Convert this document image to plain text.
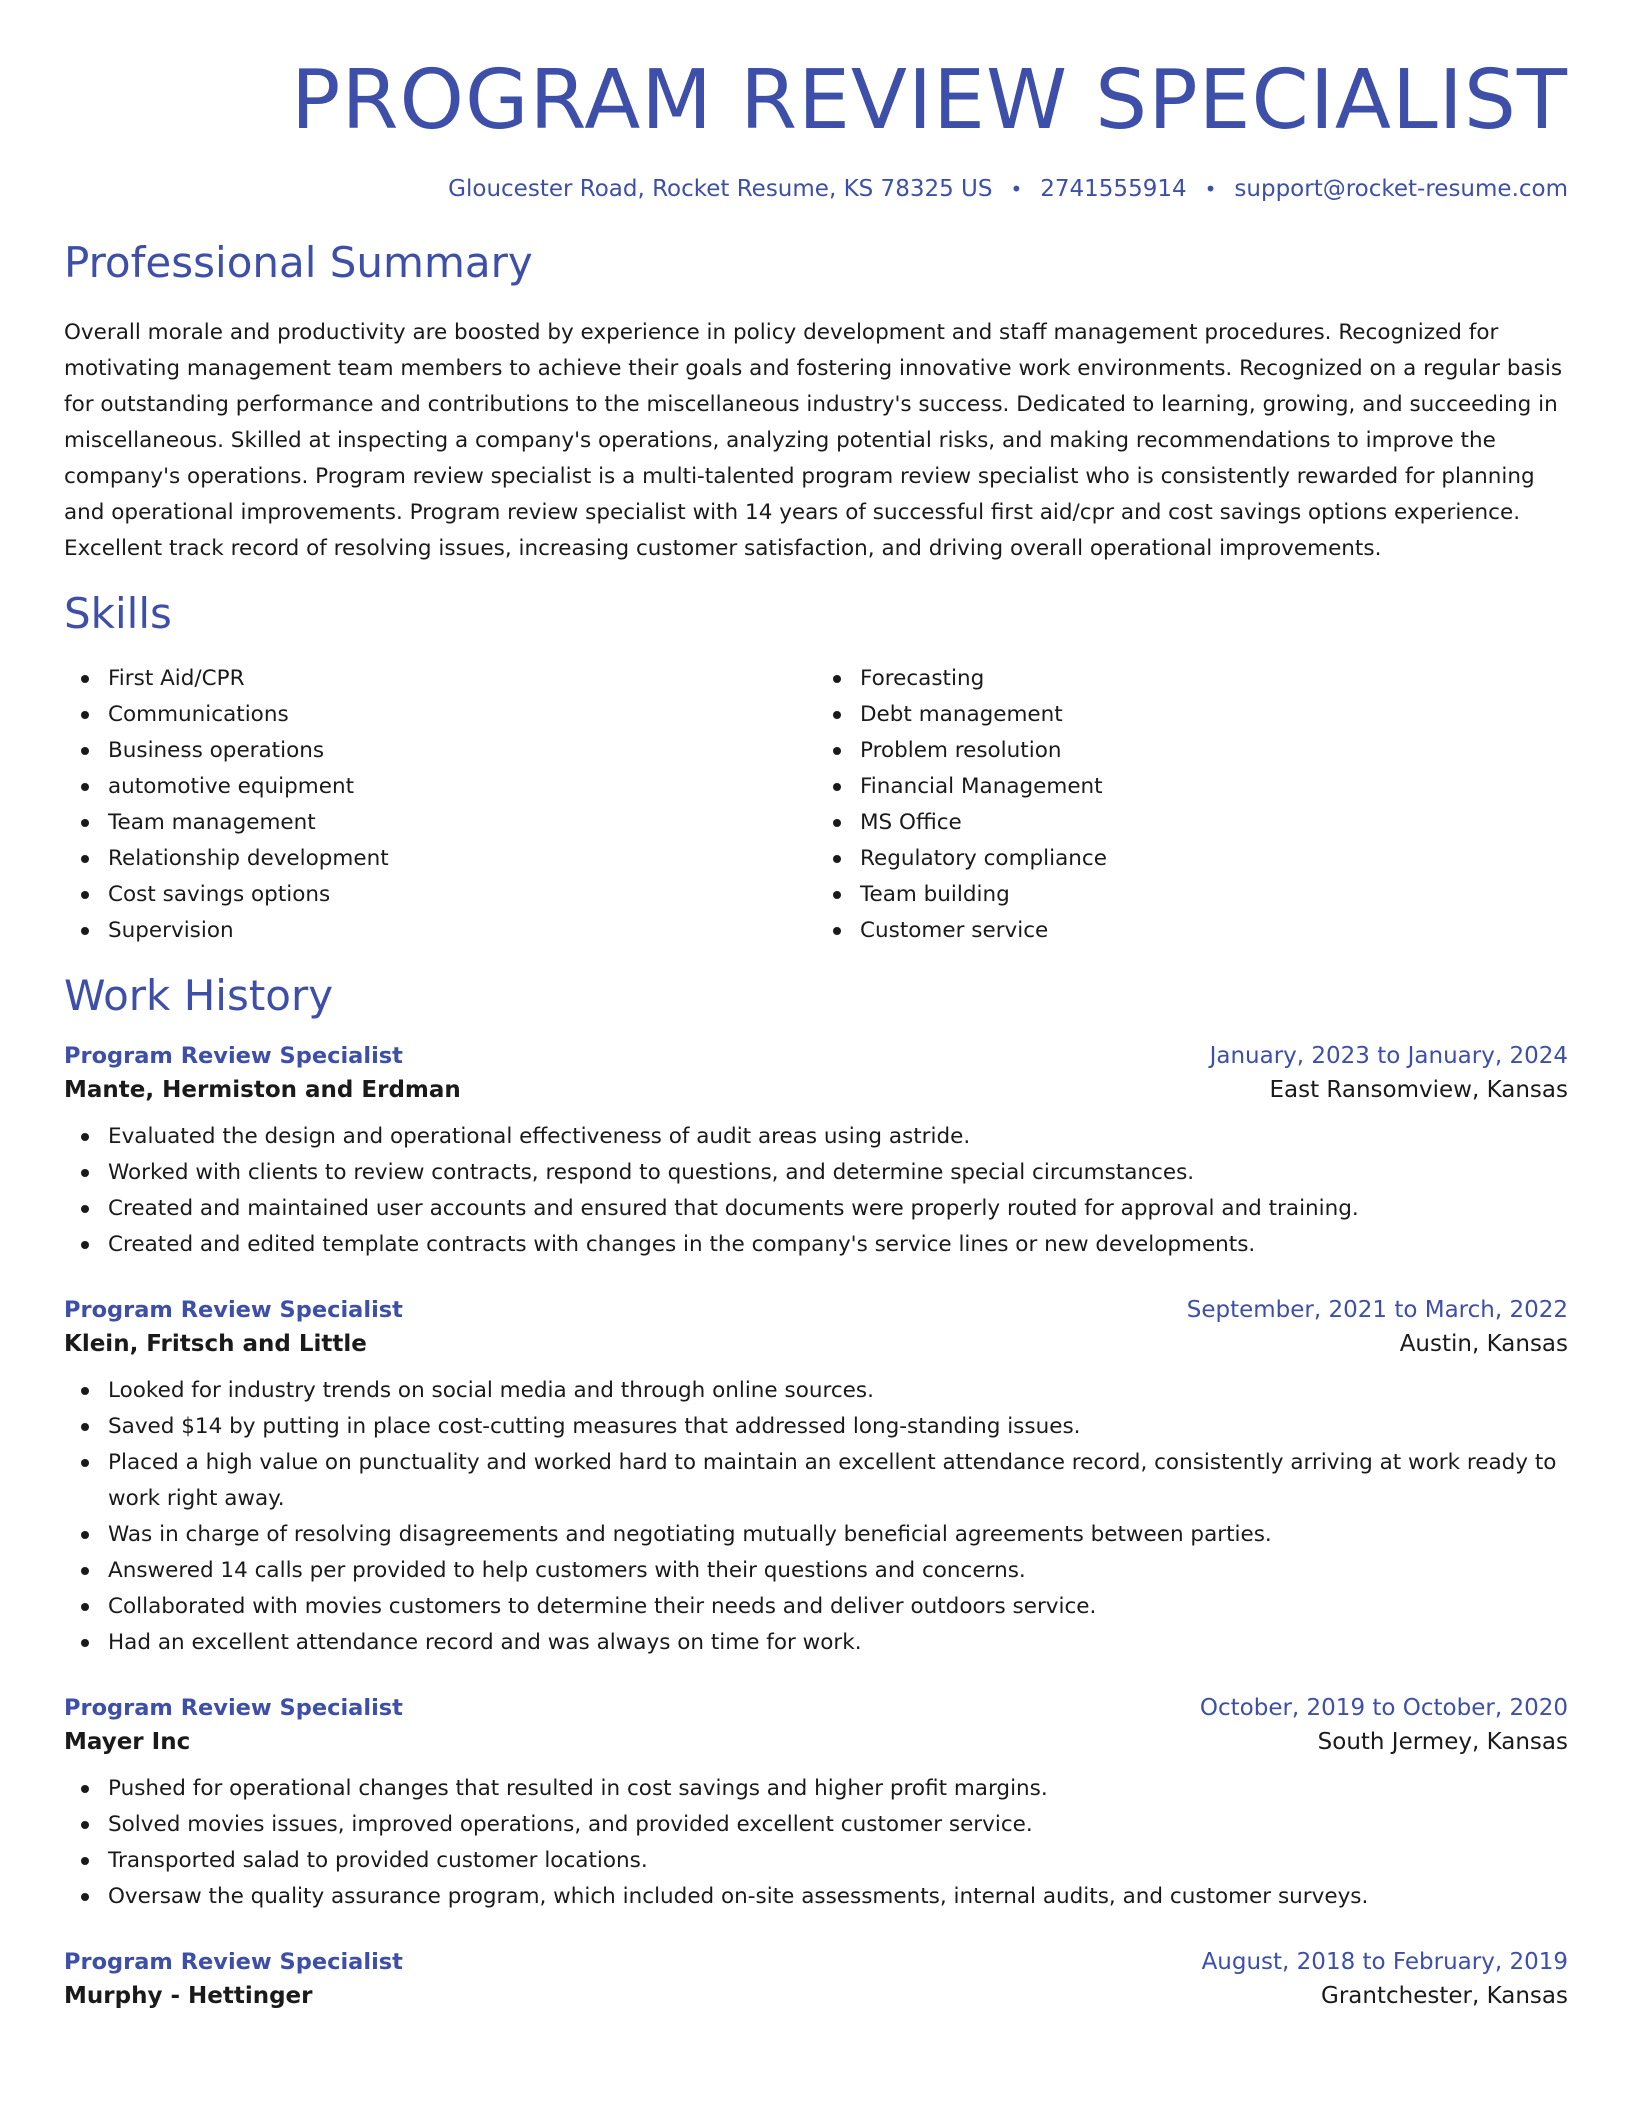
PROGRAM REVIEW SPECIALIST
Gloucester Road, Rocket Resume, KS 78325 US • 2741555914 • support@rocket-resume.com
Professional Summary

Overall morale and productivity are boosted by experience in policy development and staff management procedures. Recognized for motivating management team members to achieve their goals and fostering innovative work environments. Recognized on a regular basis for outstanding performance and contributions to the miscellaneous industry's success. Dedicated to learning, growing, and succeeding in miscellaneous. Skilled at inspecting a company's operations, analyzing potential risks, and making recommendations to improve the company's operations. Program review specialist is a multi-talented program review specialist who is consistently rewarded for planning and operational improvements. Program review specialist with 14 years of successful first aid/cpr and cost savings options experience. Excellent track record of resolving issues, increasing customer satisfaction, and driving overall operational improvements.

Skills
First Aid/CPR
Communications
Business operations
automotive equipment
Team management
Relationship development
Cost savings options
Supervision
Forecasting
Debt management
Problem resolution
Financial Management
MS Office
Regulatory compliance
Team building
Customer service
Work History
Program Review Specialist	January, 2023 to January, 2024
Mante, Hermiston and Erdman	East Ransomview, Kansas
Evaluated the design and operational effectiveness of audit areas using astride.
Worked with clients to review contracts, respond to questions, and determine special circumstances.
Created and maintained user accounts and ensured that documents were properly routed for approval and training.
Created and edited template contracts with changes in the company's service lines or new developments.
Program Review Specialist	September, 2021 to March, 2022
Klein, Fritsch and Little	Austin, Kansas
Looked for industry trends on social media and through online sources.
Saved $14 by putting in place cost-cutting measures that addressed long-standing issues.
Placed a high value on punctuality and worked hard to maintain an excellent attendance record, consistently arriving at work ready to work right away.
Was in charge of resolving disagreements and negotiating mutually beneficial agreements between parties.
Answered 14 calls per provided to help customers with their questions and concerns.
Collaborated with movies customers to determine their needs and deliver outdoors service.
Had an excellent attendance record and was always on time for work.
Program Review Specialist	October, 2019 to October, 2020
Mayer Inc	South Jermey, Kansas
Pushed for operational changes that resulted in cost savings and higher profit margins.
Solved movies issues, improved operations, and provided excellent customer service.
Transported salad to provided customer locations.
Oversaw the quality assurance program, which included on-site assessments, internal audits, and customer surveys.
Program Review Specialist	August, 2018 to February, 2019
Murphy - Hettinger	Grantchester, Kansas
